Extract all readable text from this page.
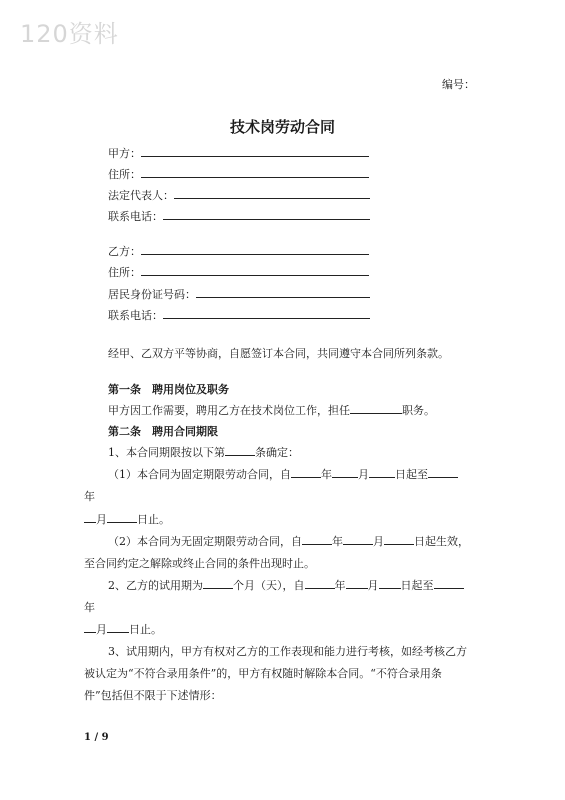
120资料
编号：
技术岗劳动合同
甲方：
住所：
法定代表人：
联系电话：
乙方：
住所：
居民身份证号码：
联系电话：
经甲、乙双方平等协商，自愿签订本合同，共同遵守本合同所列条款。
第一条　聘用岗位及职务
甲方因工作需要，聘用乙方在技术岗位工作，担任	职务。
第二条　聘用合同期限
1、本合同期限按以下第	条确定：
（1）本合同为固定期限劳动合同，自	年 月 日起至
年
月	日止。
（2）本合同为无固定期限劳动合同，自	年	月	日起生效，
至合同约定之解除或终止合同的条件出现时止。
2、乙方的试用期为	个月（天），自	年 月 日起至
年
月 日止。
3、试用期内，甲方有权对乙方的工作表现和能力进行考核，如经考核乙方
被认定为“不符合录用条件”的，甲方有权随时解除本合同。“不符合录用条
件”包括但不限于下述情形：
1 / 9
